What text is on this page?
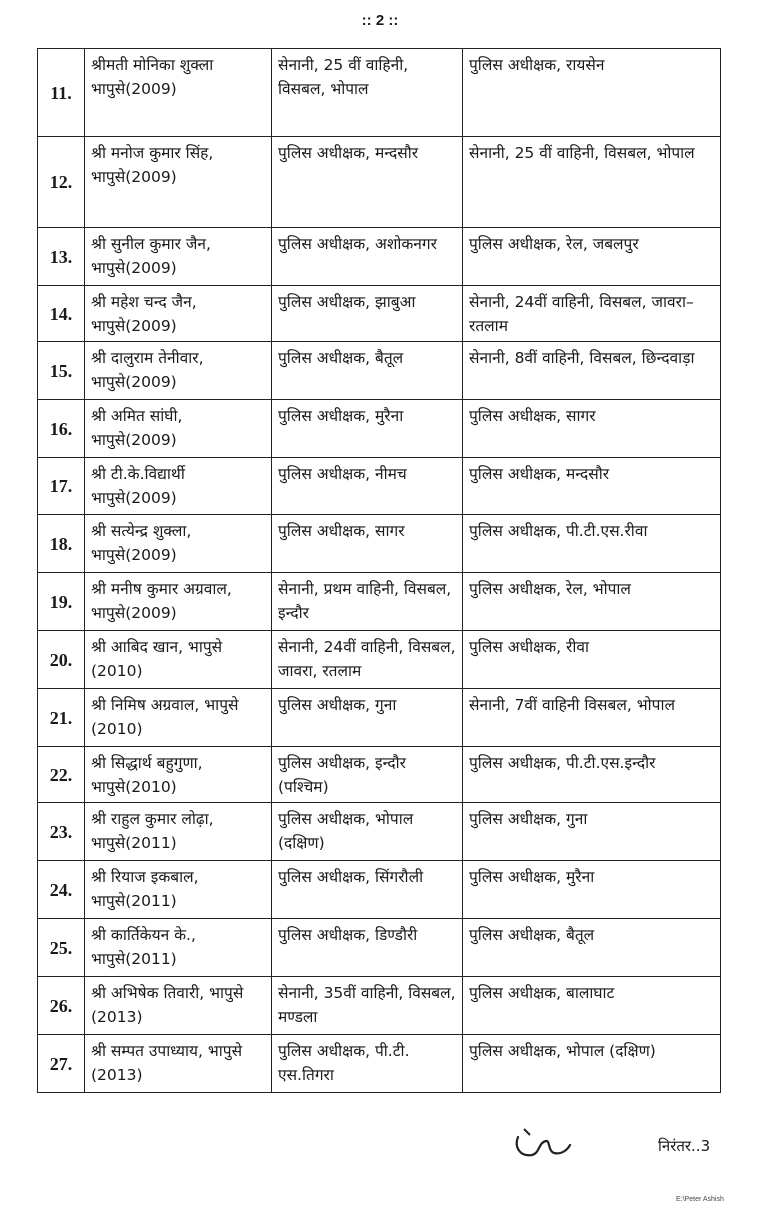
:: 2 ::
11.	श्रीमती मोनिका शुक्ला भापुसे(2009)	सेनानी, 25 वीं वाहिनी, विसबल, भोपाल	पुलिस अधीक्षक, रायसेन
12.	श्री मनोज कुमार सिंह, भापुसे(2009)	पुलिस अधीक्षक, मन्दसौर	सेनानी, 25 वीं वाहिनी, विसबल, भोपाल
13.	श्री सुनील कुमार जैन, भापुसे(2009)	पुलिस अधीक्षक, अशोकनगर	पुलिस अधीक्षक, रेल, जबलपुर
14.	श्री महेश चन्द जैन, भापुसे(2009)	पुलिस अधीक्षक, झाबुआ	सेनानी, 24वीं वाहिनी, विसबल, जावरा–रतलाम
15.	श्री दालुराम तेनीवार, भापुसे(2009)	पुलिस अधीक्षक, बैतूल	सेनानी, 8वीं वाहिनी, विसबल, छिन्दवाड़ा
16.	श्री अमित सांघी, भापुसे(2009)	पुलिस अधीक्षक, मुरैना	पुलिस अधीक्षक, सागर
17.	श्री टी.के.विद्यार्थी भापुसे(2009)	पुलिस अधीक्षक, नीमच	पुलिस अधीक्षक, मन्दसौर
18.	श्री सत्येन्द्र शुक्ला, भापुसे(2009)	पुलिस अधीक्षक, सागर	पुलिस अधीक्षक, पी.टी.एस.रीवा
19.	श्री मनीष कुमार अग्रवाल, भापुसे(2009)	सेनानी, प्रथम वाहिनी, विसबल, इन्दौर	पुलिस अधीक्षक, रेल, भोपाल
20.	श्री आबिद खान, भापुसे (2010)	सेनानी, 24वीं वाहिनी, विसबल, जावरा, रतलाम	पुलिस अधीक्षक, रीवा
21.	श्री निमिष अग्रवाल, भापुसे (2010)	पुलिस अधीक्षक, गुना	सेनानी, 7वीं वाहिनी विसबल, भोपाल
22.	श्री सिद्धार्थ बहुगुणा, भापुसे(2010)	पुलिस अधीक्षक, इन्दौर (पश्चिम)	पुलिस अधीक्षक, पी.टी.एस.इन्दौर
23.	श्री राहुल कुमार लोढ़ा, भापुसे(2011)	पुलिस अधीक्षक, भोपाल (दक्षिण)	पुलिस अधीक्षक, गुना
24.	श्री रियाज इकबाल, भापुसे(2011)	पुलिस अधीक्षक, सिंगरौली	पुलिस अधीक्षक, मुरैना
25.	श्री कार्तिकेयन के., भापुसे(2011)	पुलिस अधीक्षक, डिण्डौरी	पुलिस अधीक्षक, बैतूल
26.	श्री अभिषेक तिवारी, भापुसे (2013)	सेनानी, 35वीं वाहिनी, विसबल, मण्डला	पुलिस अधीक्षक, बालाघाट
27.	श्री सम्पत उपाध्याय, भापुसे (2013)	पुलिस अधीक्षक, पी.टी. एस.तिगरा	पुलिस अधीक्षक, भोपाल (दक्षिण)
निरंतर..3
E:\Peter Ashish
